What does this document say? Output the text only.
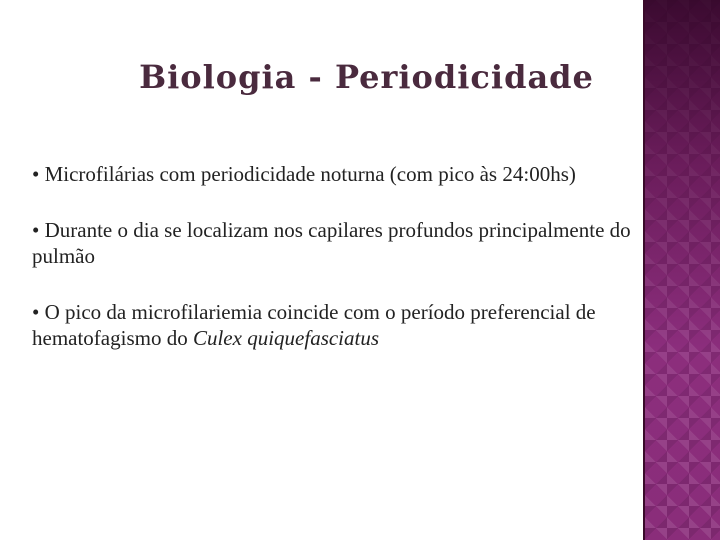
Biologia - Periodicidade

• Microfilárias com periodicidade noturna (com pico às 24:00hs)

• Durante o dia se localizam nos capilares profundos principalmente do pulmão

• O pico da microfilariemia coincide com o período preferencial de hematofagismo do Culex quiquefasciatus
